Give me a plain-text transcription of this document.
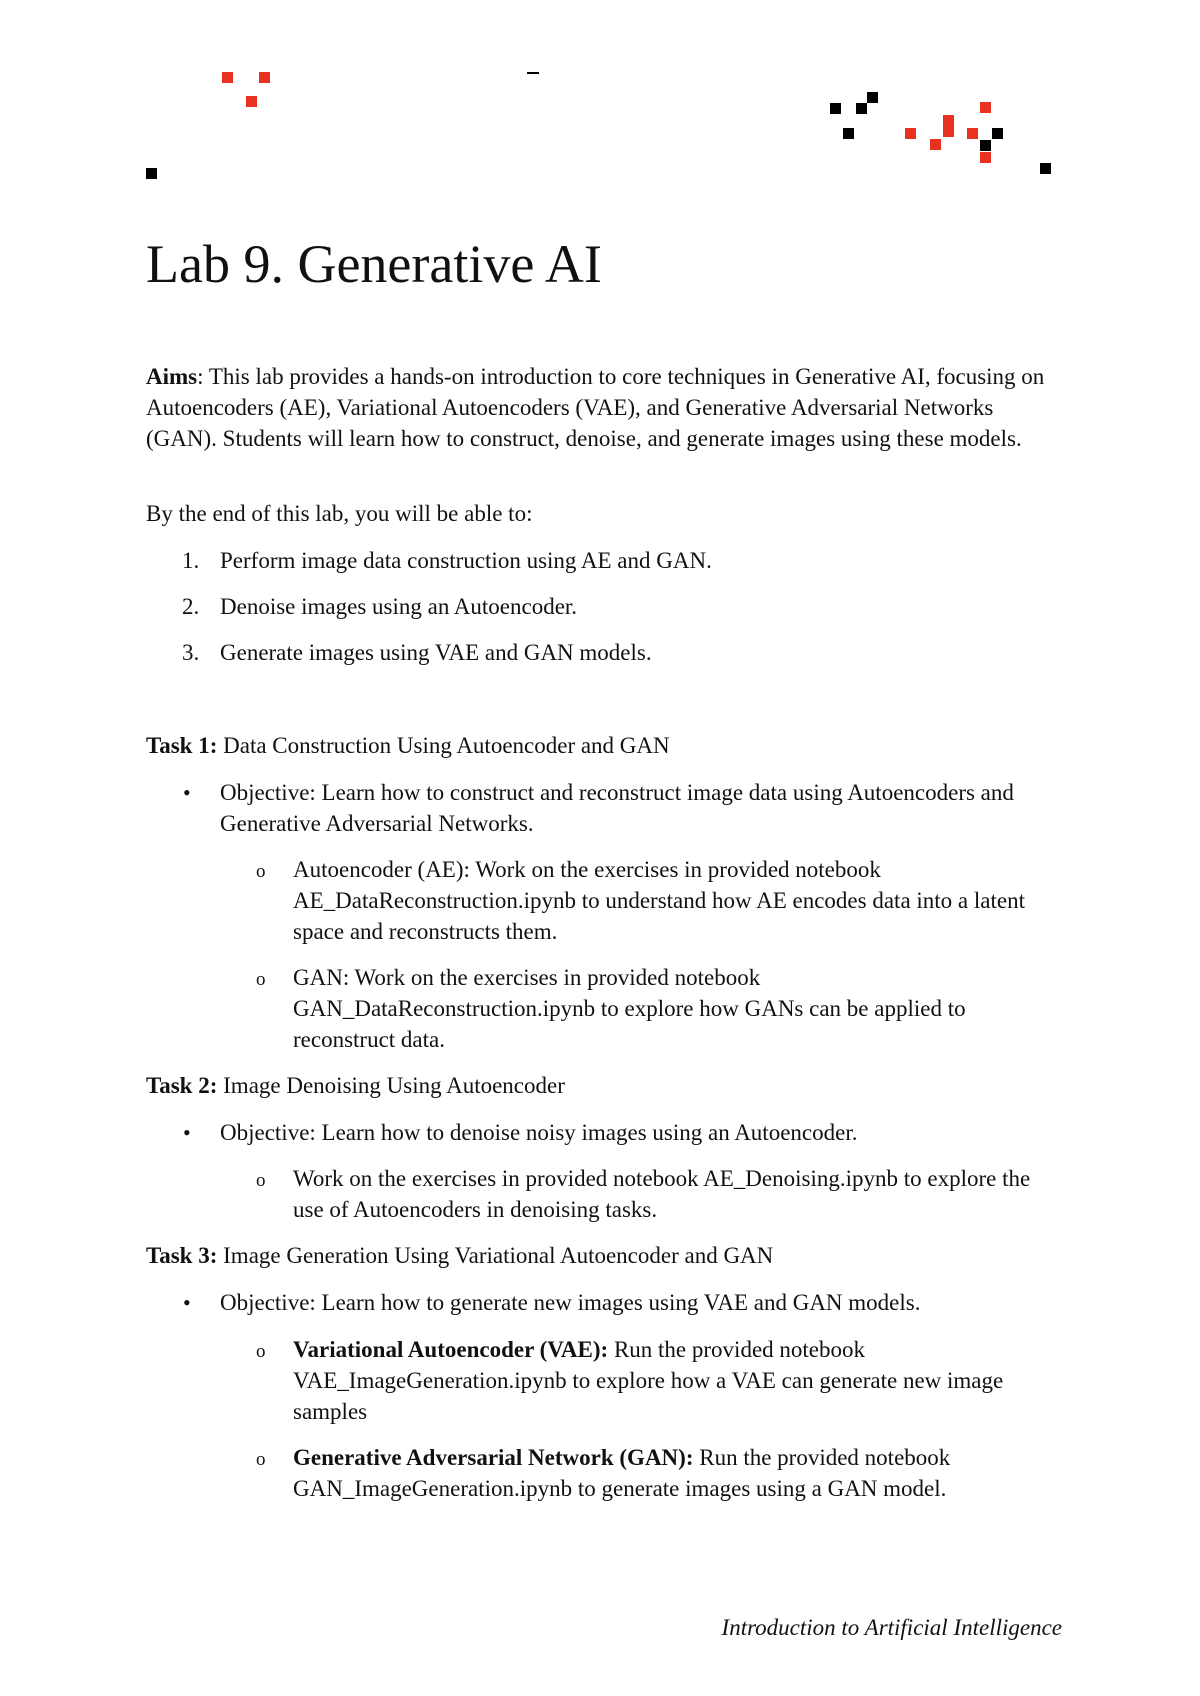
Lab 9. Generative AI

Aims: This lab provides a hands-on introduction to core techniques in Generative AI, focusing on Autoencoders (AE), Variational Autoencoders (VAE), and Generative Adversarial Networks (GAN). Students will learn how to construct, denoise, and generate images using these models.

By the end of this lab, you will be able to:

1. Perform image data construction using AE and GAN.
2. Denoise images using an Autoencoder.
3. Generate images using VAE and GAN models.

Task 1: Data Construction Using Autoencoder and GAN

• Objective: Learn how to construct and reconstruct image data using Autoencoders and Generative Adversarial Networks.
o Autoencoder (AE): Work on the exercises in provided notebook AE_DataReconstruction.ipynb to understand how AE encodes data into a latent space and reconstructs them.
o GAN: Work on the exercises in provided notebook GAN_DataReconstruction.ipynb to explore how GANs can be applied to reconstruct data.

Task 2: Image Denoising Using Autoencoder

• Objective: Learn how to denoise noisy images using an Autoencoder.
o Work on the exercises in provided notebook AE_Denoising.ipynb to explore the use of Autoencoders in denoising tasks.

Task 3: Image Generation Using Variational Autoencoder and GAN

• Objective: Learn how to generate new images using VAE and GAN models.
o Variational Autoencoder (VAE): Run the provided notebook VAE_ImageGeneration.ipynb to explore how a VAE can generate new image samples
o Generative Adversarial Network (GAN): Run the provided notebook GAN_ImageGeneration.ipynb to generate images using a GAN model.
Introduction to Artificial Intelligence
